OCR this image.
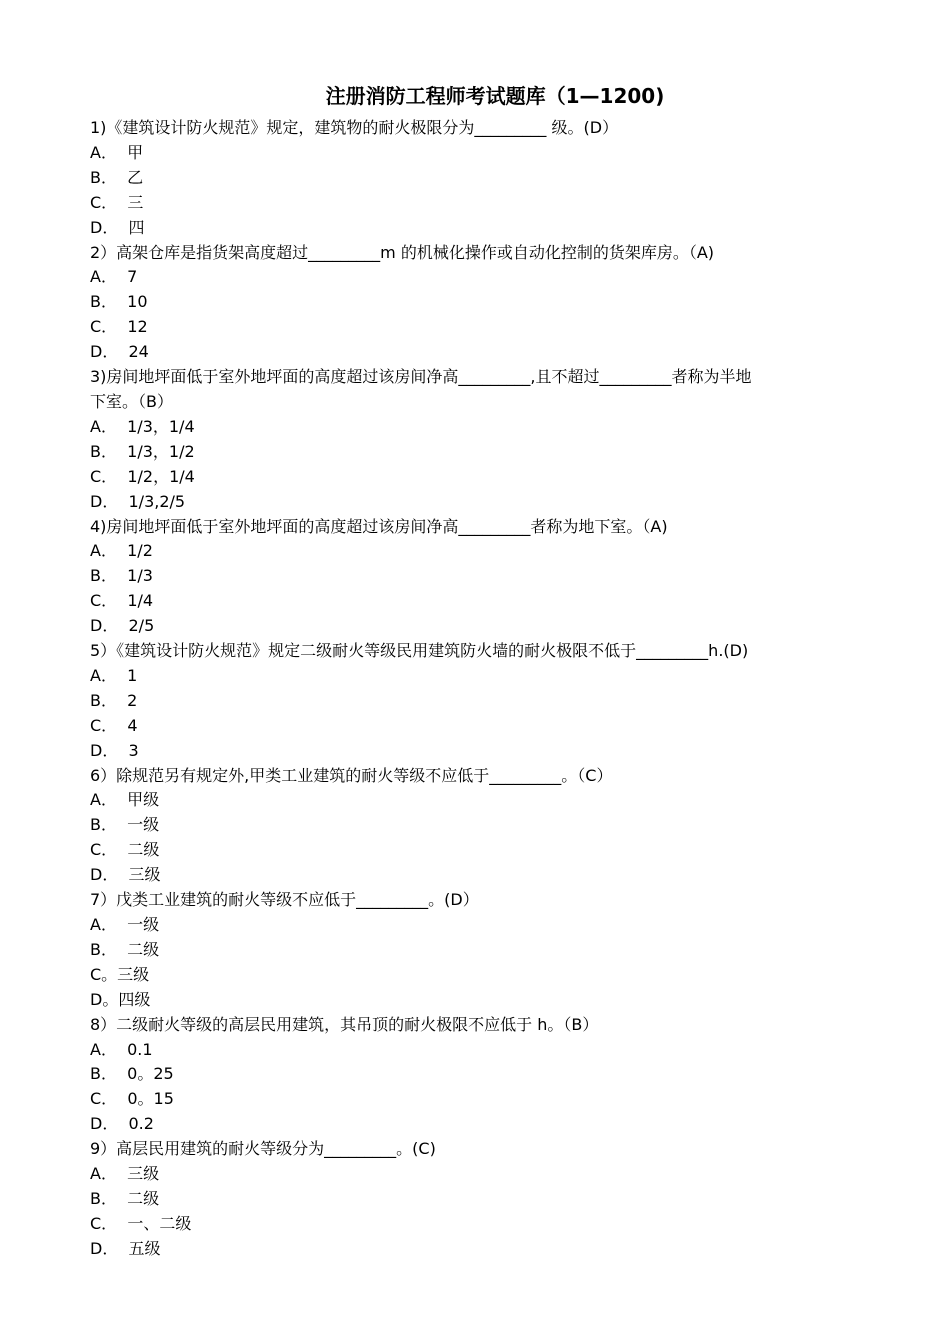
注册消防工程师考试题库（1—1200)

1)《建筑设计防火规范》规定，建筑物的耐火极限分为_________ 级。(D）

A．  甲
B．  乙
C．  三
D．  四

2）高架仓库是指货架高度超过_________m 的机械化操作或自动化控制的货架库房。（A)

A．  7
B．  10
C．  12
D．  24

3)房间地坪面低于室外地坪面的高度超过该房间净高_________,且不超过_________者称为半地

下室。（B）

A．  1/3，1/4
B．  1/3，1/2
C．  1/2，1/4
D．  1/3,2/5

4)房间地坪面低于室外地坪面的高度超过该房间净高_________者称为地下室。（A)

A．  1/2
B．  1/3
C．  1/4
D．  2/5

5）《建筑设计防火规范》规定二级耐火等级民用建筑防火墙的耐火极限不低于_________h.(D)

A．  1
B．  2
C．  4
D．  3

6）除规范另有规定外,甲类工业建筑的耐火等级不应低于_________。（C）

A．  甲级
B．  一级
C．  二级
D．  三级

7）戊类工业建筑的耐火等级不应低于_________。(D）

A．  一级
B．  二级
C。三级
D。四级

8）二级耐火等级的高层民用建筑，其吊顶的耐火极限不应低于 h。（B）

A．  0.1
B．  0。25
C．  0。15
D．  0.2

9）高层民用建筑的耐火等级分为_________。(C)

A．  三级
B．  二级
C．  一、二级
D．  五级
